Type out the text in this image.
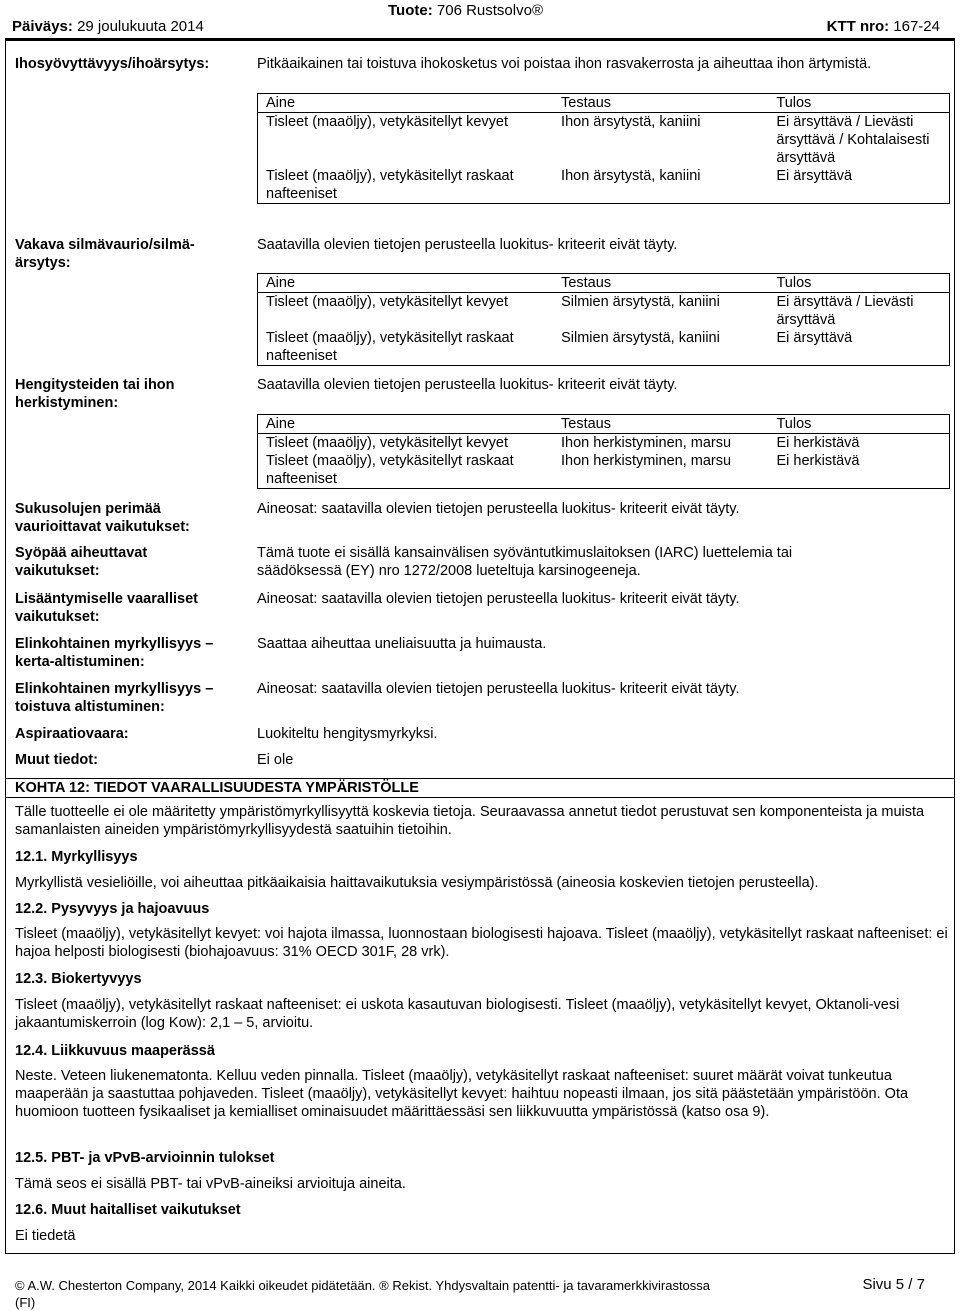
Päiväys: 29 joulukuuta 2014
Tuote: 706 Rustsolvo®
KTT nro: 167-24
Ihosyövyttävyys/ihoärsytys:	Pitkäaikainen tai toistuva ihokosketus voi poistaa ihon rasvakerrosta ja aiheuttaa ihon ärtymistä.
Aine	Testaus	Tulos
Tisleet (maaöljy), vetykäsitellyt kevyet	Ihon ärsytystä, kaniini	Ei ärsyttävä / Lievästi ärsyttävä / Kohtalaisesti ärsyttävä
Tisleet (maaöljy), vetykäsitellyt raskaat nafteeniset	Ihon ärsytystä, kaniini	Ei ärsyttävä
Vakava silmävaurio/silmä-ärsytys:
Saatavilla olevien tietojen perusteella luokitus- kriteerit eivät täyty.
Aine	Testaus	Tulos
Tisleet (maaöljy), vetykäsitellyt kevyet	Silmien ärsytystä, kaniini	Ei ärsyttävä / Lievästi ärsyttävä
Tisleet (maaöljy), vetykäsitellyt raskaat nafteeniset	Silmien ärsytystä, kaniini	Ei ärsyttävä
Hengitysteiden tai ihon herkistyminen:
Saatavilla olevien tietojen perusteella luokitus- kriteerit eivät täyty.
Aine	Testaus	Tulos
Tisleet (maaöljy), vetykäsitellyt kevyet	Ihon herkistyminen, marsu	Ei herkistävä
Tisleet (maaöljy), vetykäsitellyt raskaat nafteeniset	Ihon herkistyminen, marsu	Ei herkistävä
Sukusolujen perimää vaurioittavat vaikutukset:
Aineosat: saatavilla olevien tietojen perusteella luokitus- kriteerit eivät täyty.
Syöpää aiheuttavat vaikutukset:
Tämä tuote ei sisällä kansainvälisen syöväntutkimuslaitoksen (IARC) luettelemia tai säädöksessä (EY) nro 1272/2008 lueteltuja karsinogeeneja.
Lisääntymiselle vaaralliset vaikutukset:
Aineosat: saatavilla olevien tietojen perusteella luokitus- kriteerit eivät täyty.
Elinkohtainen myrkyllisyys – kerta-altistuminen:
Saattaa aiheuttaa uneliaisuutta ja huimausta.
Elinkohtainen myrkyllisyys – toistuva altistuminen:
Aineosat: saatavilla olevien tietojen perusteella luokitus- kriteerit eivät täyty.
Aspiraatiovaara:	Luokiteltu hengitysmyrkyksi.
Muut tiedot:	Ei ole
KOHTA 12: TIEDOT VAARALLISUUDESTA YMPÄRISTÖLLE
Tälle tuotteelle ei ole määritetty ympäristömyrkyllisyyttä koskevia tietoja. Seuraavassa annetut tiedot perustuvat sen komponenteista ja muista samanlaisten aineiden ympäristömyrkyllisyydestä saatuihin tietoihin.
12.1. Myrkyllisyys
Myrkyllistä vesieliöille, voi aiheuttaa pitkäaikaisia haittavaikutuksia vesiympäristössä (aineosia koskevien tietojen perusteella).
12.2. Pysyvyys ja hajoavuus
Tisleet (maaöljy), vetykäsitellyt kevyet: voi hajota ilmassa, luonnostaan biologisesti hajoava. Tisleet (maaöljy), vetykäsitellyt raskaat nafteeniset: ei hajoa helposti biologisesti (biohajoavuus: 31% OECD 301F, 28 vrk).
12.3. Biokertyvyys
Tisleet (maaöljy), vetykäsitellyt raskaat nafteeniset: ei uskota kasautuvan biologisesti. Tisleet (maaöljy), vetykäsitellyt kevyet, Oktanoli-vesi jakaantumiskerroin (log Kow): 2,1 – 5, arvioitu.
12.4. Liikkuvuus maaperässä
Neste. Veteen liukenematonta. Kelluu veden pinnalla. Tisleet (maaöljy), vetykäsitellyt raskaat nafteeniset: suuret määrät voivat tunkeutua maaperään ja saastuttaa pohjaveden. Tisleet (maaöljy), vetykäsitellyt kevyet: haihtuu nopeasti ilmaan, jos sitä päästetään ympäristöön. Ota huomioon tuotteen fysikaaliset ja kemialliset ominaisuudet määrittäessäsi sen liikkuvuutta ympäristössä (katso osa 9).
12.5. PBT- ja vPvB-arvioinnin tulokset
Tämä seos ei sisällä PBT- tai vPvB-aineiksi arvioituja aineita.
12.6. Muut haitalliset vaikutukset
Ei tiedetä
© A.W. Chesterton Company, 2014 Kaikki oikeudet pidätetään. ® Rekist. Yhdysvaltain patentti- ja tavaramerkkivirastossa
(FI)
Sivu 5 / 7
